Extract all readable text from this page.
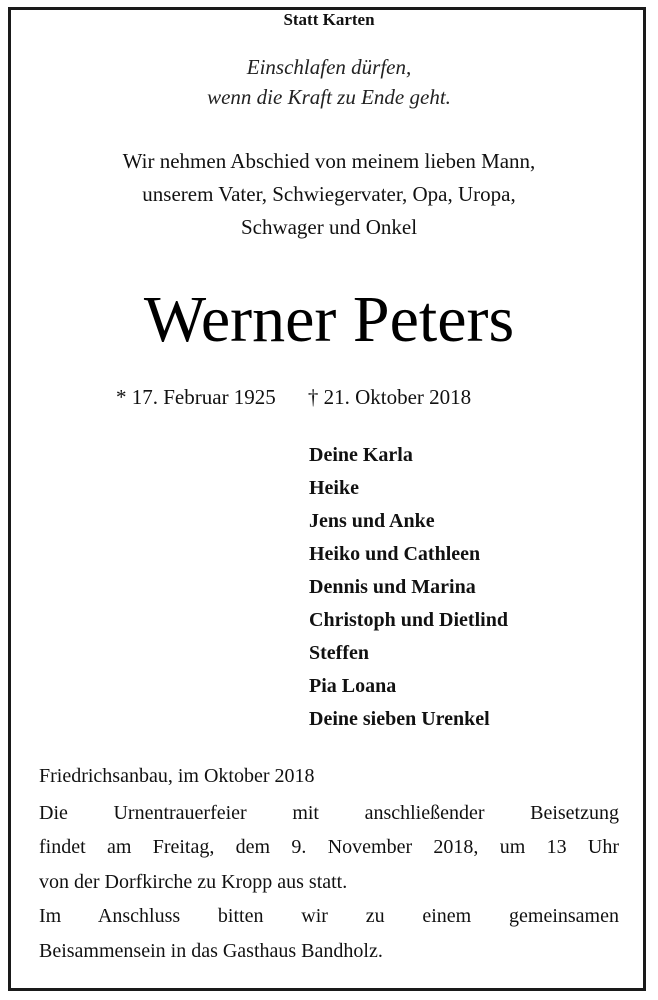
Statt Karten
Einschlafen dürfen,
wenn die Kraft zu Ende geht.
Wir nehmen Abschied von meinem lieben Mann,
unserem Vater, Schwiegervater, Opa, Uropa,
Schwager und Onkel
Werner Peters
* 17. Februar 1925 † 21. Oktober 2018
Deine Karla
Heike
Jens und Anke
Heiko und Cathleen
Dennis und Marina
Christoph und Dietlind
Steffen
Pia Loana
Deine sieben Urenkel
Friedrichsanbau, im Oktober 2018
Die Urnentrauerfeier mit anschließender Beisetzung
findet am Freitag, dem 9. November 2018, um 13 Uhr
von der Dorfkirche zu Kropp aus statt.
Im Anschluss bitten wir zu einem gemeinsamen
Beisammensein in das Gasthaus Bandholz.
